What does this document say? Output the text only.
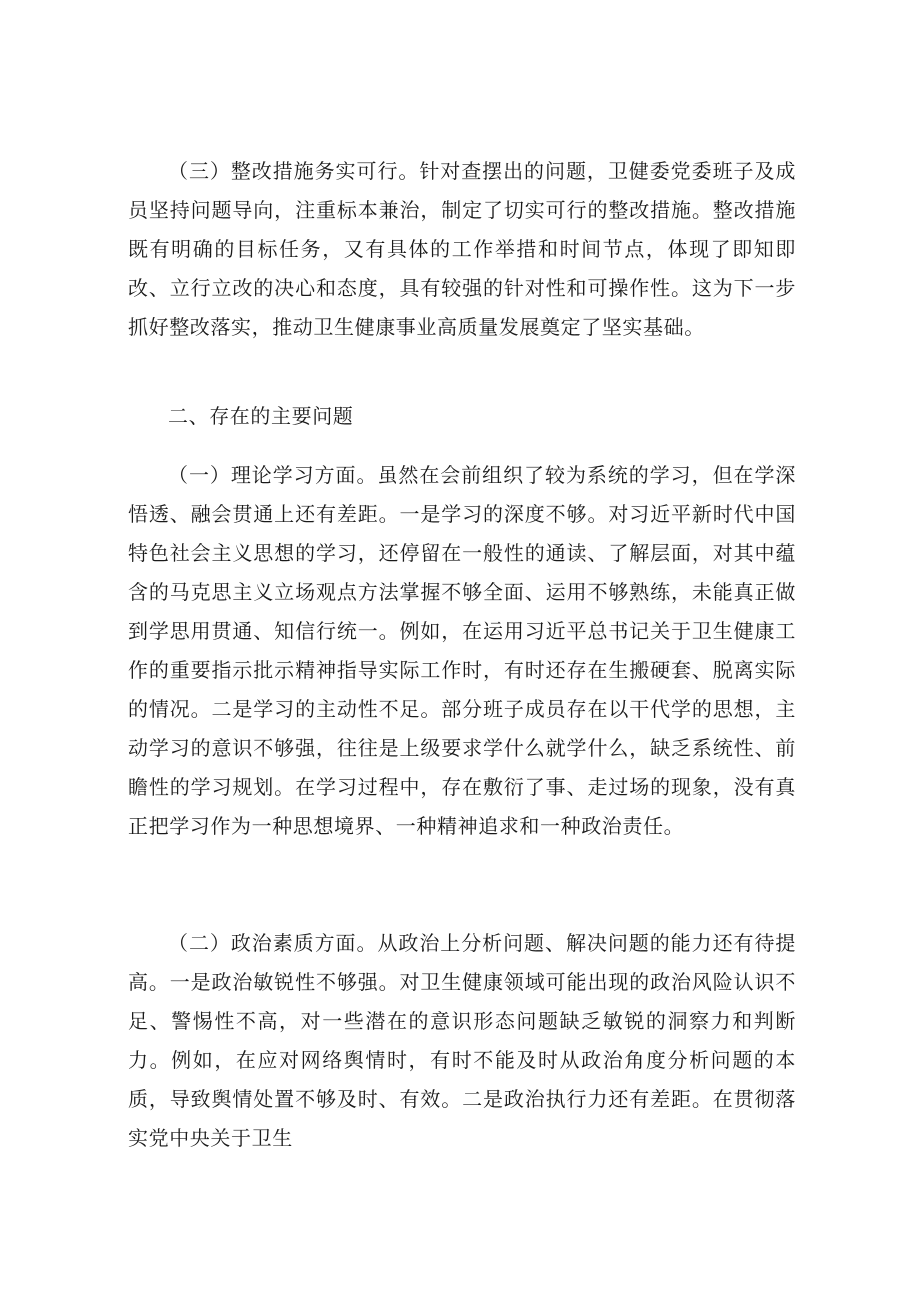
（三）整改措施务实可行。针对查摆出的问题，卫健委党委班子及成员坚持问题导向，注重标本兼治，制定了切实可行的整改措施。整改措施既有明确的目标任务，又有具体的工作举措和时间节点，体现了即知即改、立行立改的决心和态度，具有较强的针对性和可操作性。这为下一步抓好整改落实，推动卫生健康事业高质量发展奠定了坚实基础。

二、存在的主要问题

（一）理论学习方面。虽然在会前组织了较为系统的学习，但在学深悟透、融会贯通上还有差距。一是学习的深度不够。对习近平新时代中国特色社会主义思想的学习，还停留在一般性的通读、了解层面，对其中蕴含的马克思主义立场观点方法掌握不够全面、运用不够熟练，未能真正做到学思用贯通、知信行统一。例如，在运用习近平总书记关于卫生健康工作的重要指示批示精神指导实际工作时，有时还存在生搬硬套、脱离实际的情况。二是学习的主动性不足。部分班子成员存在以干代学的思想，主动学习的意识不够强，往往是上级要求学什么就学什么，缺乏系统性、前瞻性的学习规划。在学习过程中，存在敷衍了事、走过场的现象，没有真正把学习作为一种思想境界、一种精神追求和一种政治责任。

（二）政治素质方面。从政治上分析问题、解决问题的能力还有待提高。一是政治敏锐性不够强。对卫生健康领域可能出现的政治风险认识不足、警惕性不高，对一些潜在的意识形态问题缺乏敏锐的洞察力和判断力。例如，在应对网络舆情时，有时不能及时从政治角度分析问题的本质，导致舆情处置不够及时、有效。二是政治执行力还有差距。在贯彻落实党中央关于卫生
